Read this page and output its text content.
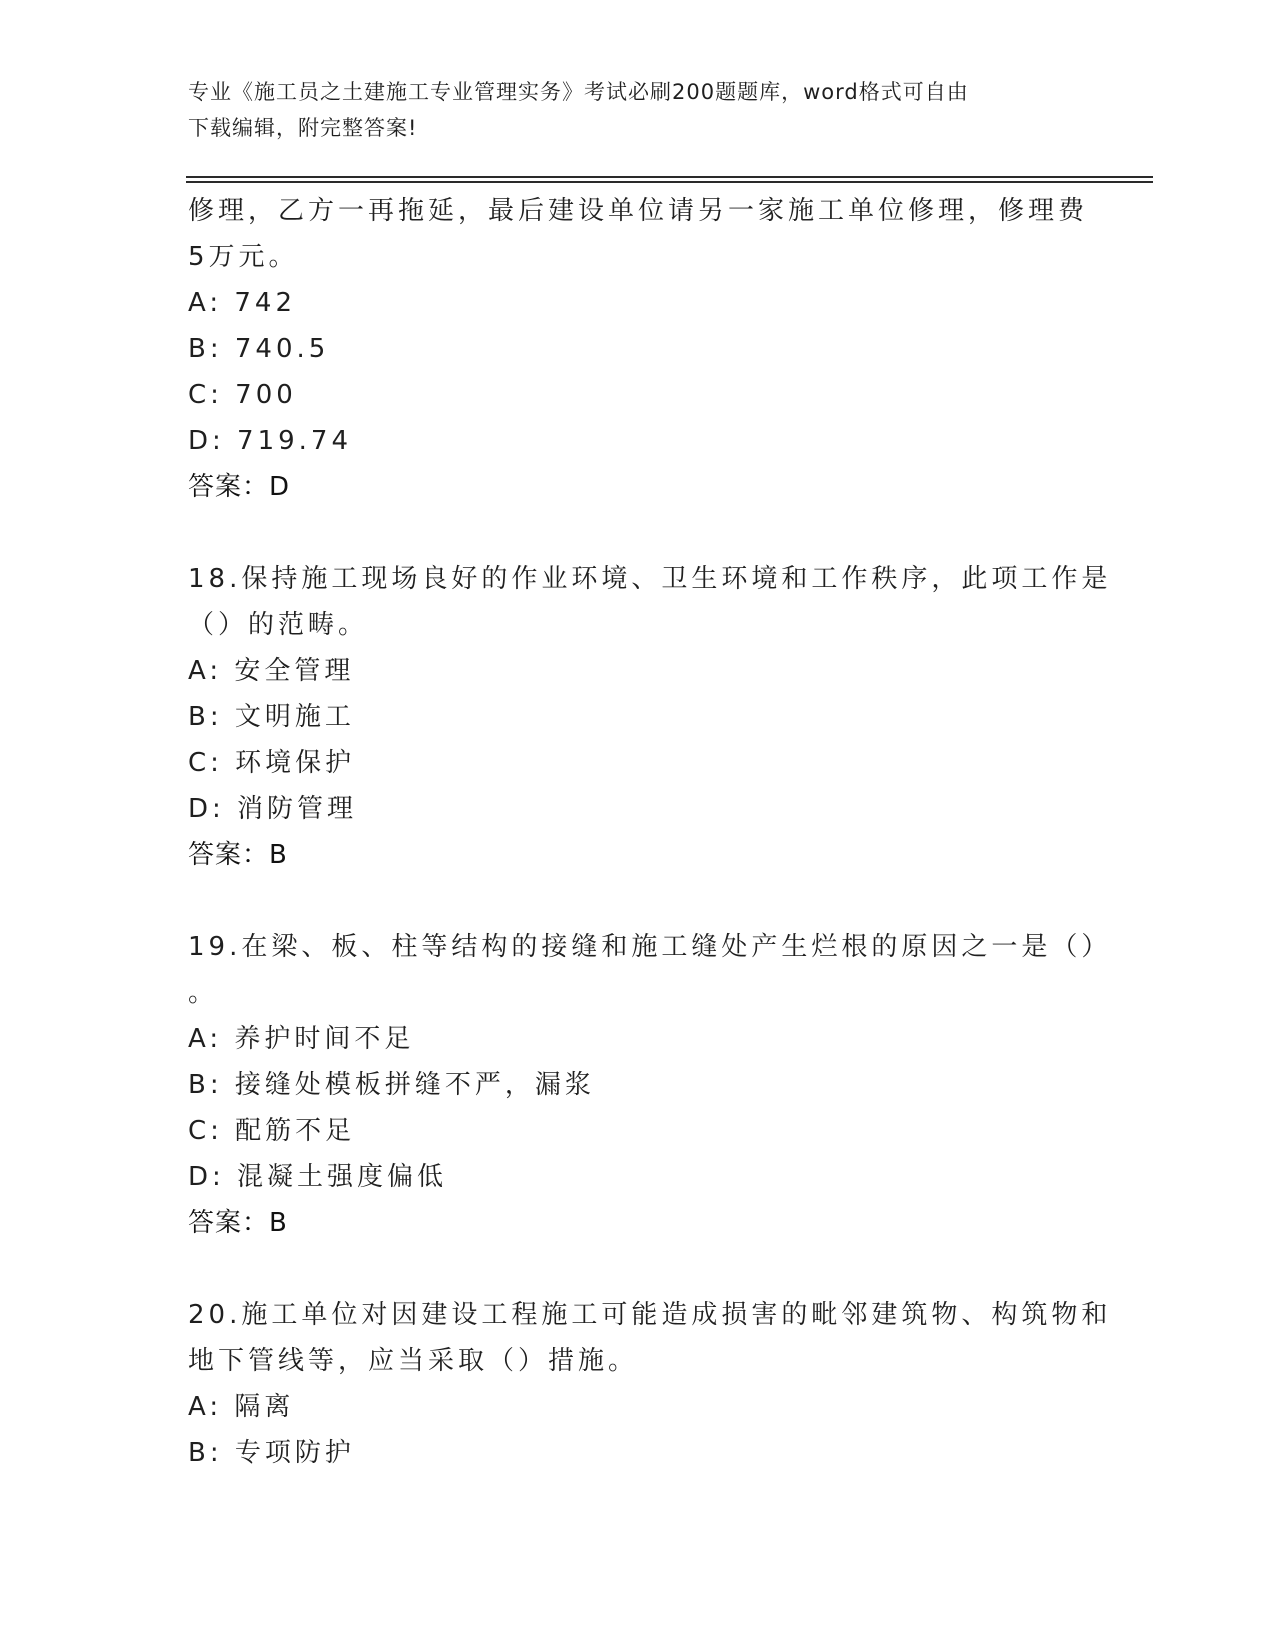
专业《施工员之土建施工专业管理实务》考试必刷200题题库，word格式可自由
下载编辑，附完整答案!
修理，乙方一再拖延，最后建设单位请另一家施工单位修理，修理费
5万元。
A: 742
B: 740.5
C: 700
D: 719.74
答案：D
18.保持施工现场良好的作业环境、卫生环境和工作秩序，此项工作是
（）的范畴。
A: 安全管理
B: 文明施工
C: 环境保护
D: 消防管理
答案：B
19.在梁、板、柱等结构的接缝和施工缝处产生烂根的原因之一是（）
。
A: 养护时间不足
B: 接缝处模板拼缝不严，漏浆
C: 配筋不足
D: 混凝土强度偏低
答案：B
20.施工单位对因建设工程施工可能造成损害的毗邻建筑物、构筑物和
地下管线等，应当采取（）措施。
A: 隔离
B: 专项防护
